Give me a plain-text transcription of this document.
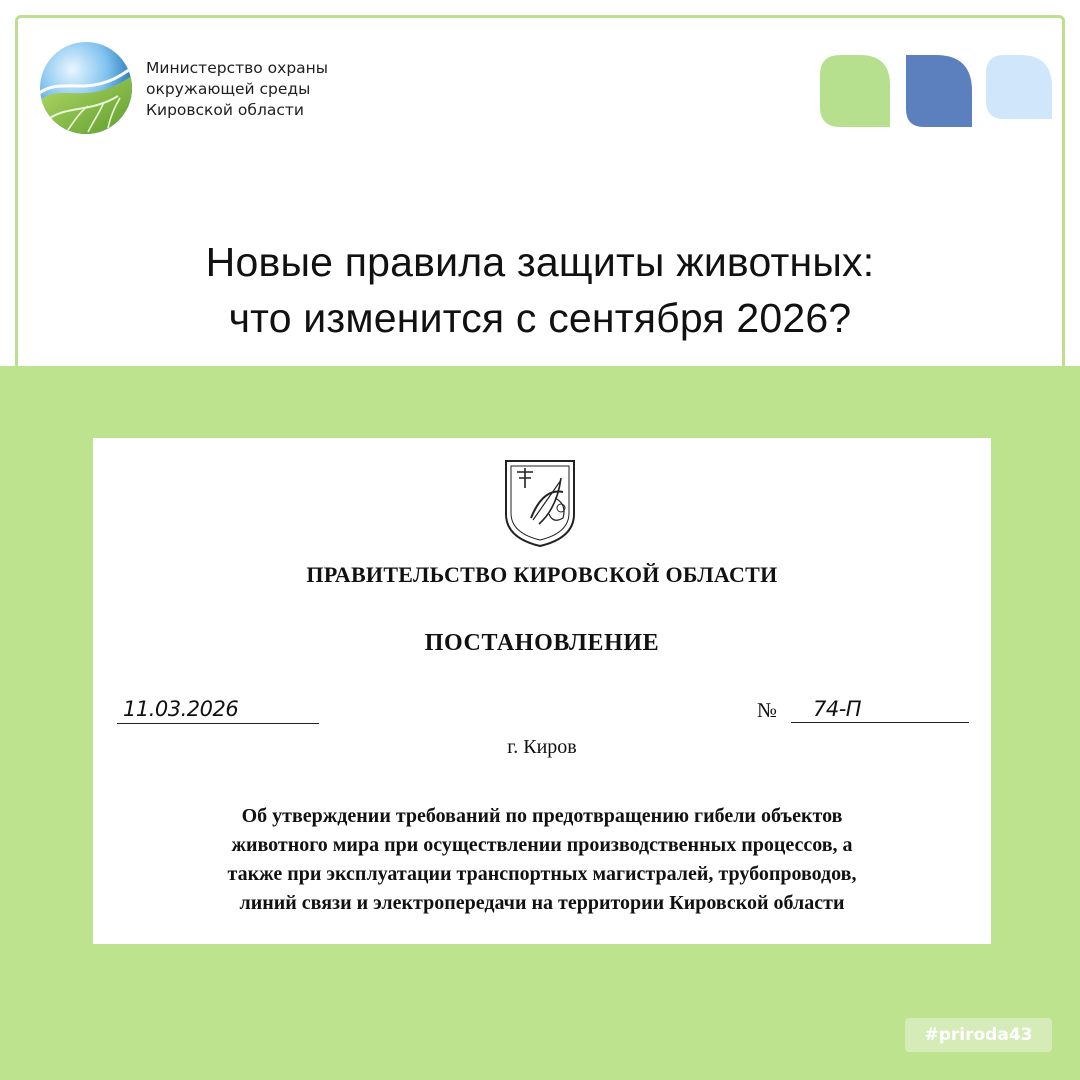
Министерство охраны
окружающей среды
Кировской области
Новые правила защиты животных:
что изменится с сентября 2026?
ПРАВИТЕЛЬСТВО КИРОВСКОЙ ОБЛАСТИ
ПОСТАНОВЛЕНИЕ
11.03.2026	№	74-П
г. Киров
Об утверждении требований по предотвращению гибели объектов
животного мира при осуществлении производственных процессов, а
также при эксплуатации транспортных магистралей, трубопроводов,
линий связи и электропередачи на территории Кировской области
#priroda43
